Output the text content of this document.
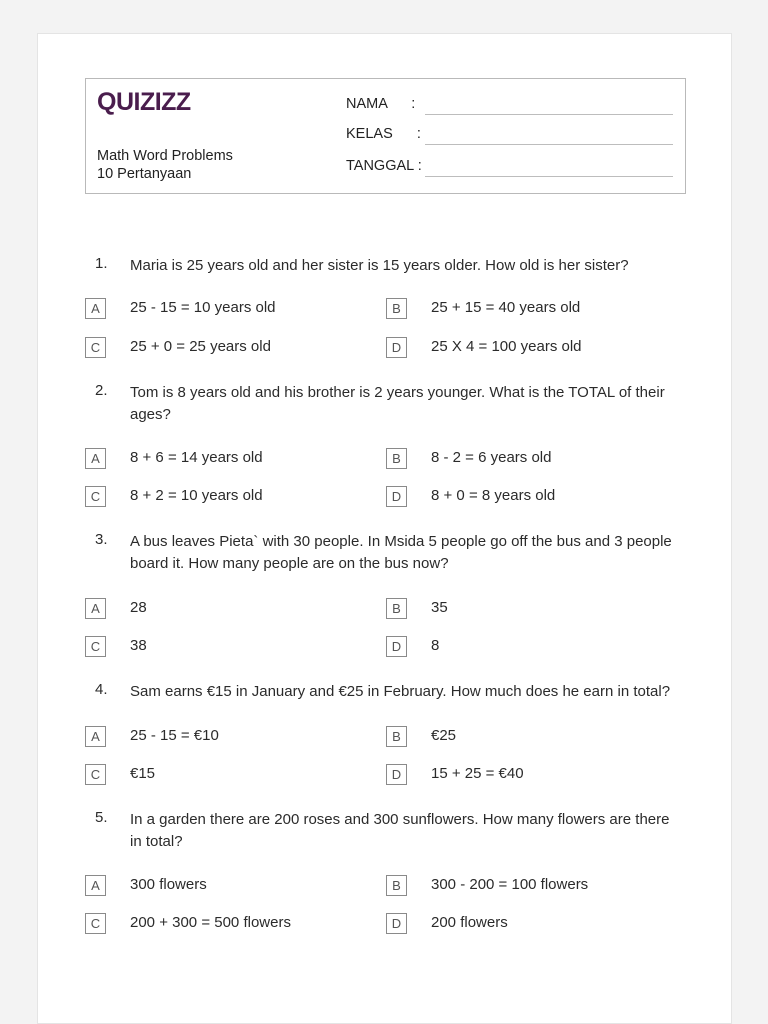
QUIZIZZ
Math Word Problems
10 Pertanyaan
NAMA      :
KELAS      :
TANGGAL :
1. Maria is 25 years old and her sister is 15 years older. How old is her sister?
A	25 - 15 = 10 years old	B	25 + 15 = 40 years old
C	25 + 0 = 25 years old	D	25 X 4 = 100 years old
2. Tom is 8 years old and his brother is 2 years younger. What is the TOTAL of their ages?
A	8 + 6 = 14 years old	B	8 - 2 = 6 years old
C	8 + 2 = 10 years old	D	8 + 0 = 8 years old
3. A bus leaves Pieta` with 30 people. In Msida 5 people go off the bus and 3 people board it. How many people are on the bus now?
A	28	B	35
C	38	D	8
4. Sam earns €15 in January and €25 in February. How much does he earn in total?
A	25 - 15 = €10	B	€25
C	€15	D	15 + 25 = €40
5. In a garden there are 200 roses and 300 sunflowers. How many flowers are there in total?
A	300 flowers	B	300 - 200 = 100 flowers
C	200 + 300 = 500 flowers	D	200 flowers
